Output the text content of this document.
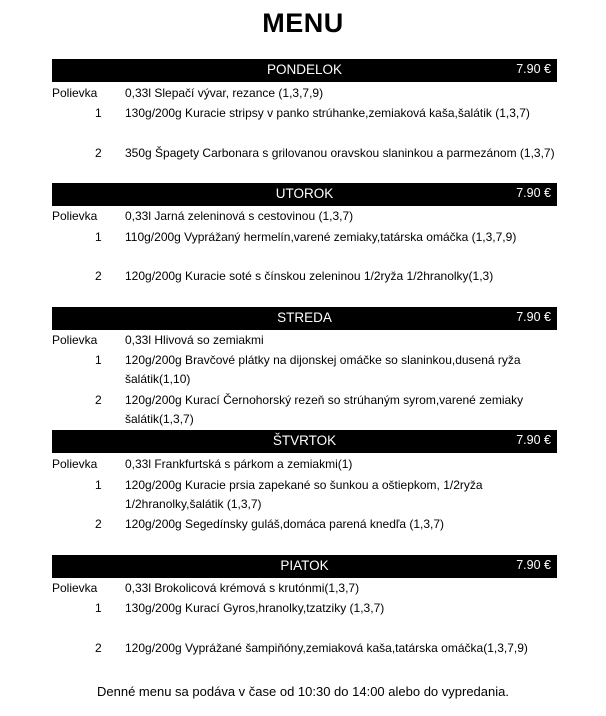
MENU
PONDELOK	7.90 €
Polievka 0,33l Slepačí vývar, rezance (1,3,7,9)
1 130g/200g Kuracie stripsy v panko strúhanke,zemiaková kaša,šalátik (1,3,7)
2 350g Špagety Carbonara s grilovanou oravskou slaninkou a parmezánom (1,3,7)
UTOROK	7.90 €
Polievka 0,33l Jarná zeleninová s cestovinou (1,3,7)
1 110g/200g Vyprážaný hermelín,varené zemiaky,tatárska omáčka (1,3,7,9)
2 120g/200g Kuracie soté s čínskou zeleninou 1/2ryža 1/2hranolky(1,3)
STREDA	7.90 €
Polievka 0,33l Hlivová so zemiakmi
1 120g/200g Bravčové plátky na dijonskej omáčke so slaninkou,dusená ryža
šalátik(1,10)
2 120g/200g Kurací Černohorský rezeň so strúhaným syrom,varené zemiaky
šalátik(1,3,7)
ŠTVRTOK	7.90 €
Polievka 0,33l Frankfurtská s párkom a zemiakmi(1)
1 120g/200g Kuracie prsia zapekané so šunkou a oštiepkom, 1/2ryža
1/2hranolky,šalátik (1,3,7)
2 120g/200g Segedínsky guláš,domáca parená knedľa (1,3,7)
PIATOK	7.90 €
Polievka 0,33l Brokolicová krémová s krutónmi(1,3,7)
1 130g/200g Kurací Gyros,hranolky,tzatziky (1,3,7)
2 120g/200g Vyprážané šampiňóny,zemiaková kaša,tatárska omáčka(1,3,7,9)
Denné menu sa podáva v čase od 10:30 do 14:00 alebo do vypredania.
